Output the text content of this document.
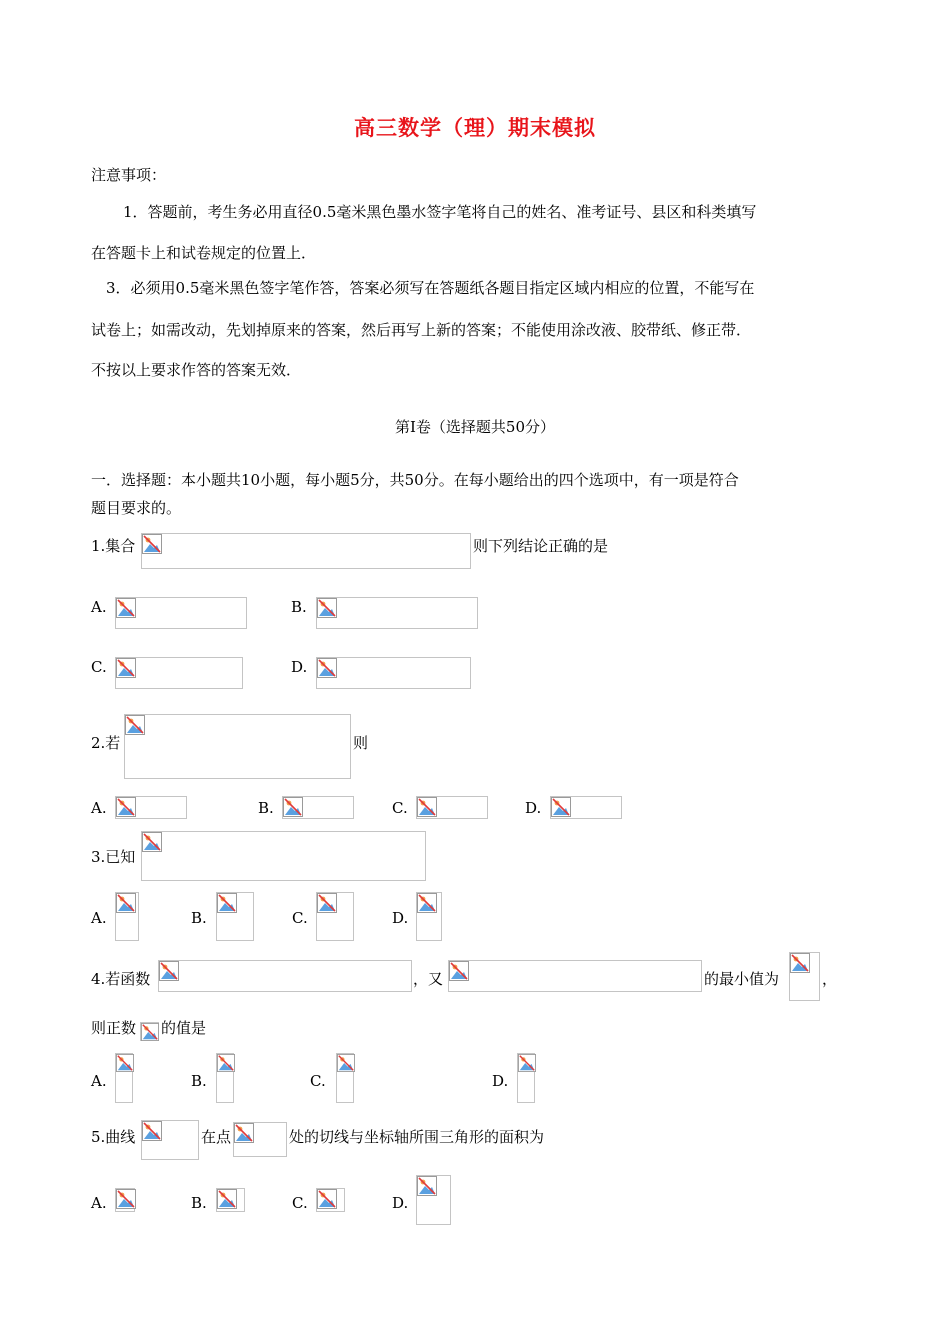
高三数学（理）期末模拟
注意事项：
1．答题前，考生务必用直径0.5毫米黑色墨水签字笔将自己的姓名、准考证号、县区和科类填写
在答题卡上和试卷规定的位置上．
3．必须用0.5毫米黑色签字笔作答，答案必须写在答题纸各题目指定区域内相应的位置，不能写在
试卷上；如需改动，先划掉原来的答案，然后再写上新的答案；不能使用涂改液、胶带纸、修正带．
不按以上要求作答的答案无效．
第Ⅰ卷（选择题共50分）
一．选择题：本小题共10小题，每小题5分，共50分。在每小题给出的四个选项中，有一项是符合
题目要求的。
1.集合	则下列结论正确的是
A.	B.
C.	D.
2.若	则
A.	B.	C.	D.
3.已知
A.	B.	C.	D.
4.若函数	，又	的最小值为	，
则正数 的值是
A.	B.	C.	D.
5.曲线	在点	处的切线与坐标轴所围三角形的面积为
A.	B.	C.	D.
